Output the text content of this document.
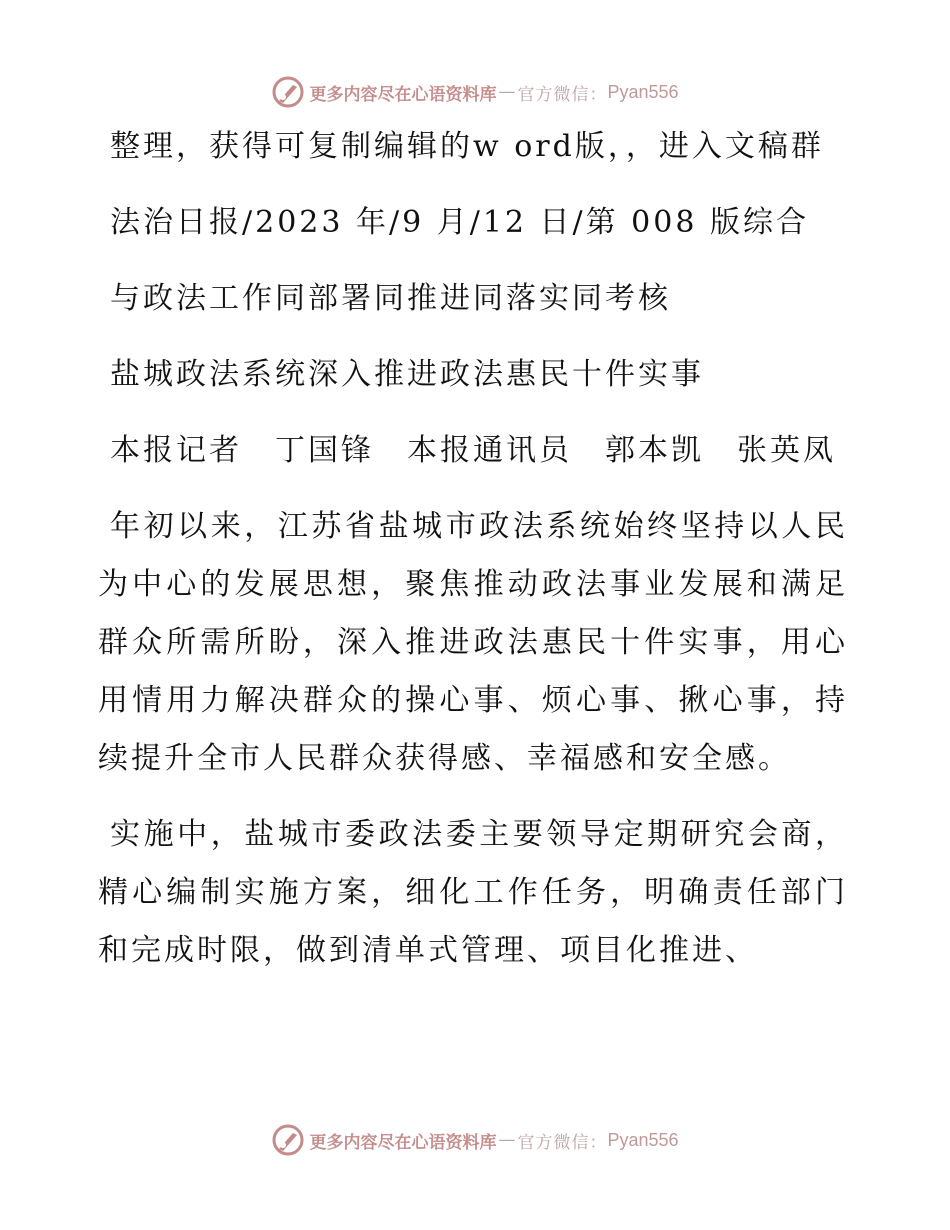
更多内容尽在心语资料库 — 官方微信： Pyan556

整理，获得可复制编辑的w ord版，，进入文稿群

法治日报/2023 年/9 月/12 日/第 008 版综合

与政法工作同部署同推进同落实同考核

盐城政法系统深入推进政法惠民十件实事

本报记者　丁国锋　本报通讯员　郭本凯　张英凤

年初以来，江苏省盐城市政法系统始终坚持以人民为中心的发展思想，聚焦推动政法事业发展和满足群众所需所盼，深入推进政法惠民十件实事，用心用情用力解决群众的操心事、烦心事、揪心事，持续提升全市人民群众获得感、幸福感和安全感。

实施中，盐城市委政法委主要领导定期研究会商，精心编制实施方案，细化工作任务，明确责任部门和完成时限，做到清单式管理、项目化推进、

更多内容尽在心语资料库 — 官方微信： Pyan556
